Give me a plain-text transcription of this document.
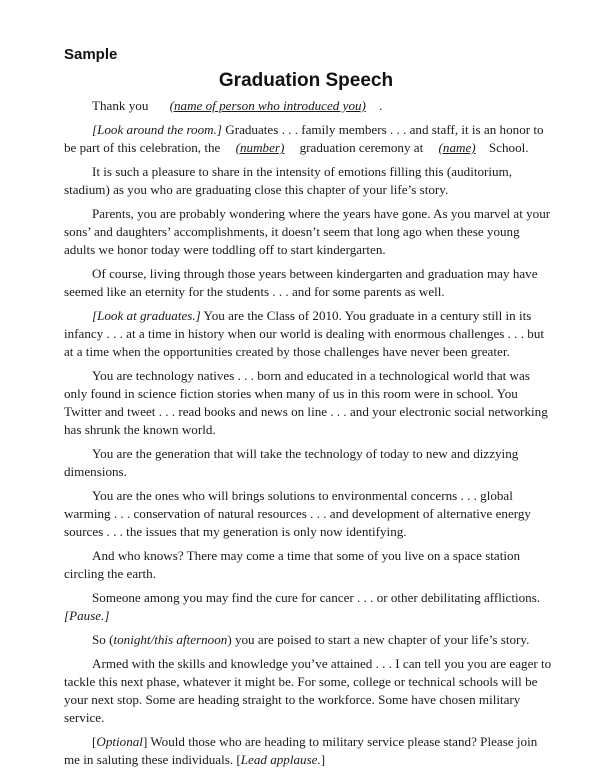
Sample
Graduation Speech

Thank you (name of person who introduced you) .

[Look around the room.] Graduates . . . family members . . . and staff, it is an honor to be part of this celebration, the (number) graduation ceremony at (name) School.

It is such a pleasure to share in the intensity of emotions filling this (auditorium, stadium) as you who are graduating close this chapter of your life’s story.

Parents, you are probably wondering where the years have gone. As you marvel at your sons’ and daughters’ accomplishments, it doesn’t seem that long ago when these young adults we honor today were toddling off to start kindergarten.

Of course, living through those years between kindergarten and graduation may have seemed like an eternity for the students . . . and for some parents as well.

[Look at graduates.] You are the Class of 2010. You graduate in a century still in its infancy . . . at a time in history when our world is dealing with enormous challenges . . . but at a time when the opportunities created by those challenges have never been greater.

You are technology natives . . . born and educated in a technological world that was only found in science fiction stories when many of us in this room were in school. You Twitter and tweet . . . read books and news on line . . . and your electronic social networking has shrunk the known world.

You are the generation that will take the technology of today to new and dizzying dimensions.

You are the ones who will brings solutions to environmental concerns . . . global warming . . . conservation of natural resources . . . and development of alternative energy sources . . . the issues that my generation is only now identifying.

And who knows? There may come a time that some of you live on a space station circling the earth.

Someone among you may find the cure for cancer . . . or other debilitating afflictions. [Pause.]

So (tonight/this afternoon) you are poised to start a new chapter of your life’s story.

Armed with the skills and knowledge you’ve attained . . . I can tell you you are eager to tackle this next phase, whatever it might be. For some, college or technical schools will be your next stop. Some are heading straight to the workforce. Some have chosen military service.

[Optional] Would those who are heading to military service please stand? Please join me in saluting these individuals. [Lead applause.]
